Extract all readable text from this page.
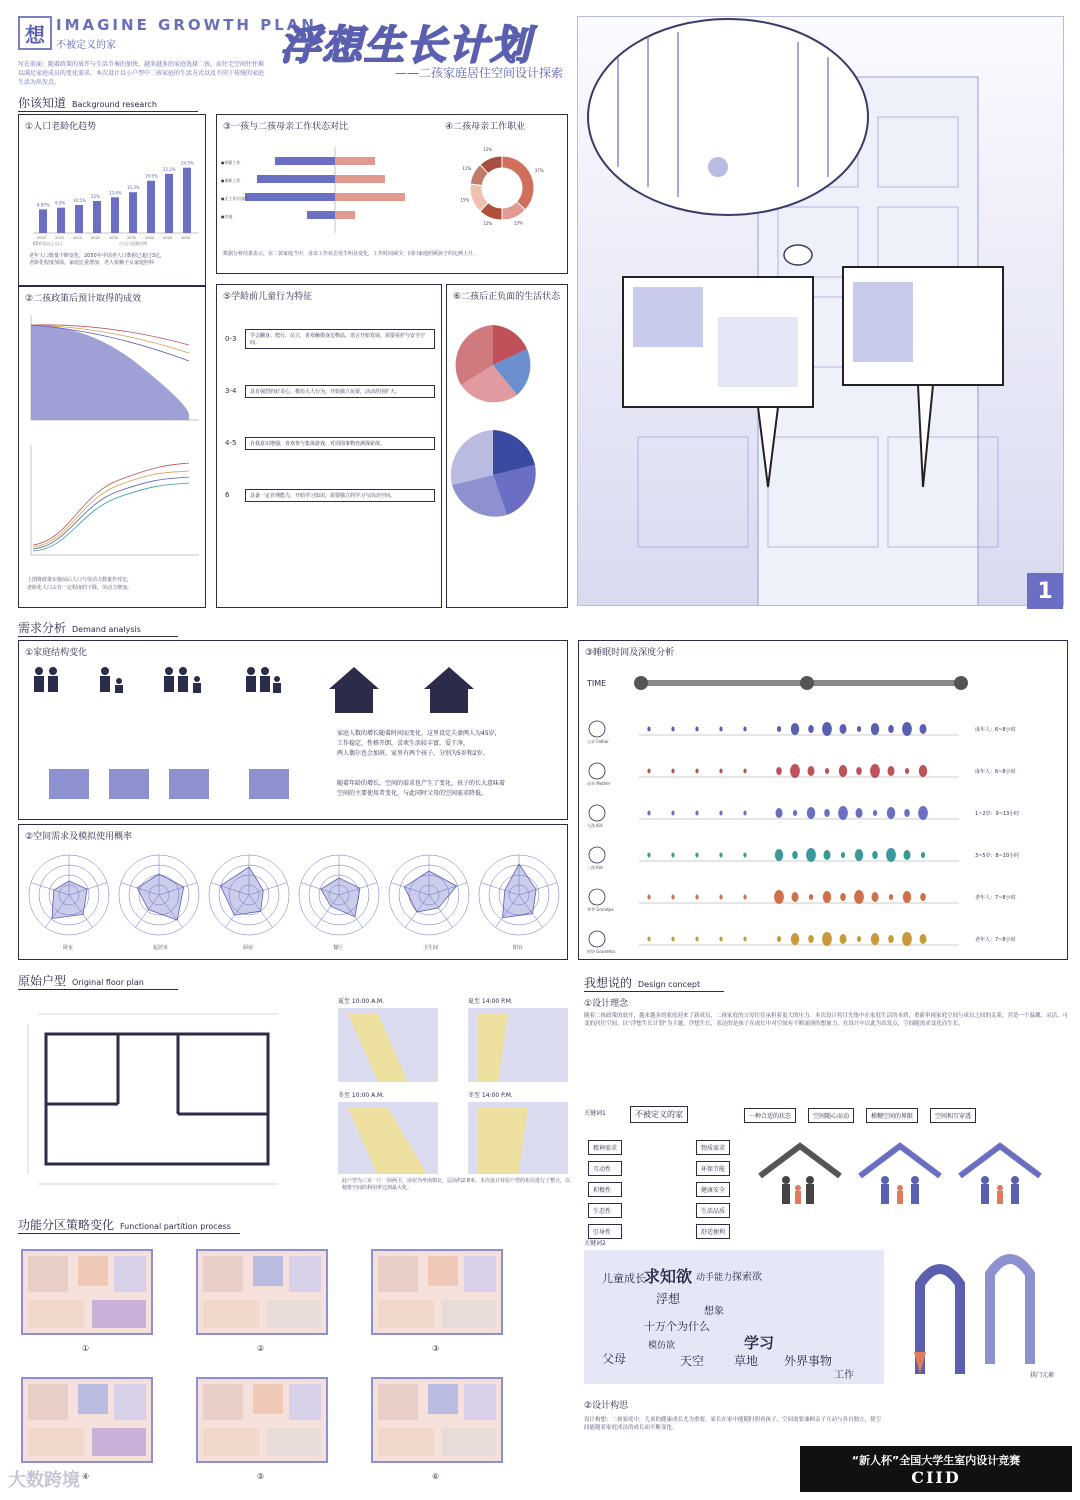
想 IMAGINE GROWTH PLAN
不被定义的家
写在前面：随着政策的放开与生活节奏的加快，越来越多的家庭选择二孩，而住宅空间往往难以满足家庭成员的变化需求。本次设计以小户型中二孩家庭的生活方式以及不同于传统的家庭生活为出发点。
浮想生长计划
——二孩家庭居住空间设计探索
你该知道 Background research
①人口老龄化趋势
8.87%
2010
9.5%
2015
10.5%
2020
12%
2025
13.4%
2030
15.3%
2035
19.6%
2040
22.2%
2045
24.5%
2050
65岁及以上人口	占人口总数比例
老年人口数量不断变化，2050年中国老人口数据已超过3亿，
老龄化程度加深，家庭比重增加，老人依赖子女家庭照料
②二孩政策后预计取得的成效
上图将政策实施前后人口与劳动力数量作对比，
老龄化人口占有一定程度的下降，劳动力增加。
③一孩与二孩母亲工作状态对比	④二孩母亲工作职业
●带薪工作
●兼职工作
●无工作(全职)
●其他
37%
13%
12%
15%
11%
12%
数据分析结果表示，在二孩家庭当中，母亲工作状态发生明显变化，工作时间减少，回归家庭照顾孩子的比例上升。
⑤学龄前儿童行为特征
0-3	学会翻身、爬行、站立，喜欢触摸身边物品，语言开始发展，需要看护与安全空间。
3-4	具有强烈的好奇心，模仿大人行为，开始独立玩耍，活动范围扩大。
4-5	自我意识增强，喜欢参与集体游戏，对周围事物充满探索欲。
6	具备一定自理能力，开始学习知识，需要独立的学习与活动空间。
⑥二孩后正负面的生活状态
1
需求分析 Demand analysis
①家庭结构变化
家庭人数的增长随着时间而变化，这里设定夫妻两人为45岁，
工作稳定，性格开朗，喜欢生活较丰富，爱干净，
两人偶尔也会加班。家里有两个孩子，分别为5岁和2岁。
随着年龄的增长，空间的需求也产生了变化，孩子的长大意味着
空间的主要使用者变化，与此同时父母的空间需求降低。
②空间需求及模拟使用概率
卧室	起居室	厨房	餐厅	卫生间	阳台
③睡眠时间及深度分析
TIME
父亲 Father
成年人：6~8小时
母亲 Mother
成年人：6~8小时
大孩 Kid
1~2岁：9~13小时
二孩 Kid
3~5岁：8~10小时
爷爷 Grandpa
老年人：7~8小时
奶奶 Grandma
老年人：7~8小时
原始户型 Original floor plan
夏至 10:00 A.M.	夏至 14:00 P.M.
冬至 10:00 A.M.	冬至 14:00 P.M.
此户型为三室一厅一厨两卫，房屋为坐南朝北，层高约2.8米。本次设计对原户型的布局进行了整合，以便将空间的利用率达到最大化。
功能分区策略变化 Functional partition process
①	②	③
④	⑤	⑥
我想说的 Design concept
①设计理念
随着二孩政策的放开，越来越多的家庭迎来了新成员，二孩家庭的父母往往承担着更大的压力。本次设计将目光集中在家庭生活的本质，重新审视家庭空间与成员之间的关系，营造一个温馨、灵活、可变的居住空间。以“浮想生长计划”为主题，浮想生长，表达的是孩子在成长中对空间有不断涌现的想象力，在设计中以此为出发点，空间随需求变化而生长。
关键词1	不被定义的家	一种合适的状态	空间随心而动	模糊空间的界限	空间相互穿透
精神需求
互动性
积极性
生态性
引导性
物质需求
环保节能
健康安全
生活品质
舒适便利
关键词2
儿童成长
求知欲 动手能力 探索欲
浮想
想象
十万个为什么
学习
父母	天空 草地 外界事物
工作
模仿欲
拱门元素
②设计构思
设计构想：二孩家庭中，儿童的健康成长尤为重要，家长在家中能随时照看孩子，空间需要兼顾亲子互动与各自独立，使空间能随着家庭成员的成长而不断变化。
“新人杯”全国大学生室内设计竞赛
CIID
大数跨境
